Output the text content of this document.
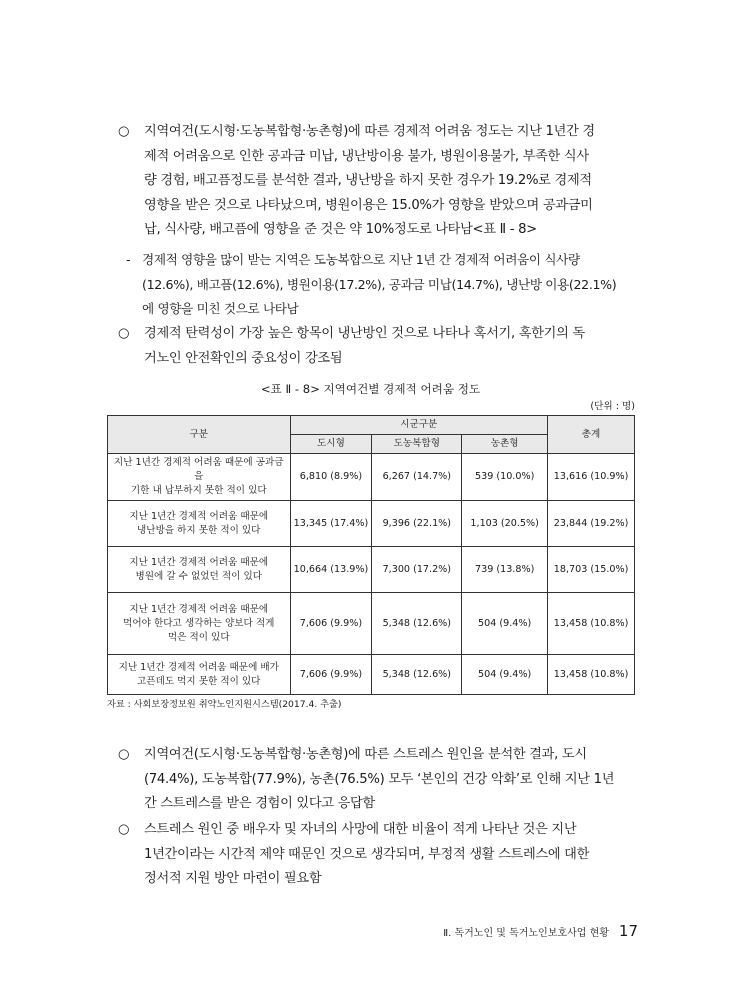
○	지역여건(도시형·도농복합형·농촌형)에 따른 경제적 어려움 정도는 지난 1년간 경
제적 어려움으로 인한 공과금 미납, 냉난방이용 불가, 병원이용불가, 부족한 식사
량 경험, 배고픔정도를 분석한 결과, 냉난방을 하지 못한 경우가 19.2%로 경제적
영향을 받은 것으로 나타났으며, 병원이용은 15.0%가 영향을 받았으며 공과금미
납, 식사량, 배고픔에 영향을 준 것은 약 10%정도로 나타남<표 Ⅱ - 8>
- 경제적 영향을 많이 받는 지역은 도농복합으로 지난 1년 간 경제적 어려움이 식사량
(12.6%), 배고픔(12.6%), 병원이용(17.2%), 공과금 미납(14.7%), 냉난방 이용(22.1%)
에 영향을 미친 것으로 나타남
○	경제적 탄력성이 가장 높은 항목이 냉난방인 것으로 나타나 혹서기, 혹한기의 독
거노인 안전확인의 중요성이 강조됨
<표 Ⅱ - 8> 지역여건별 경제적 어려움 정도
(단위 : 명)
구분	시군구분			총계
	도시형	도농복합형	농촌형	

지난 1년간 경제적 어려움 때문에 공과금을
기한 내 납부하지 못한 적이 있다	6,810 (8.9%)	6,267 (14.7%)	539 (10.0%)	13,616 (10.9%)

지난 1년간 경제적 어려움 때문에
냉난방을 하지 못한 적이 있다	13,345 (17.4%)	9,396 (22.1%)	1,103 (20.5%)	23,844 (19.2%)

지난 1년간 경제적 어려움 때문에
병원에 갈 수 없었던 적이 있다	10,664 (13.9%)	7,300 (17.2%)	739 (13.8%)	18,703 (15.0%)

지난 1년간 경제적 어려움 때문에
먹어야 한다고 생각하는 양보다 적게
먹은 적이 있다	7,606 (9.9%)	5,348 (12.6%)	504 (9.4%)	13,458 (10.8%)

지난 1년간 경제적 어려움 때문에 배가
고픈데도 먹지 못한 적이 있다	7,606 (9.9%)	5,348 (12.6%)	504 (9.4%)	13,458 (10.8%)
자료 : 사회보장정보원 취약노인지원시스템(2017.4. 추출)
○	지역여건(도시형·도농복합형·농촌형)에 따른 스트레스 원인을 분석한 결과, 도시
(74.4%), 도농복합(77.9%), 농촌(76.5%) 모두 ‘본인의 건강 악화’로 인해 지난 1년
간 스트레스를 받은 경험이 있다고 응답함
○	스트레스 원인 중 배우자 및 자녀의 사망에 대한 비율이 적게 나타난 것은 지난
1년간이라는 시간적 제약 때문인 것으로 생각되며, 부정적 생활 스트레스에 대한
정서적 지원 방안 마련이 필요함
Ⅱ. 독거노인 및 독거노인보호사업 현황 17
